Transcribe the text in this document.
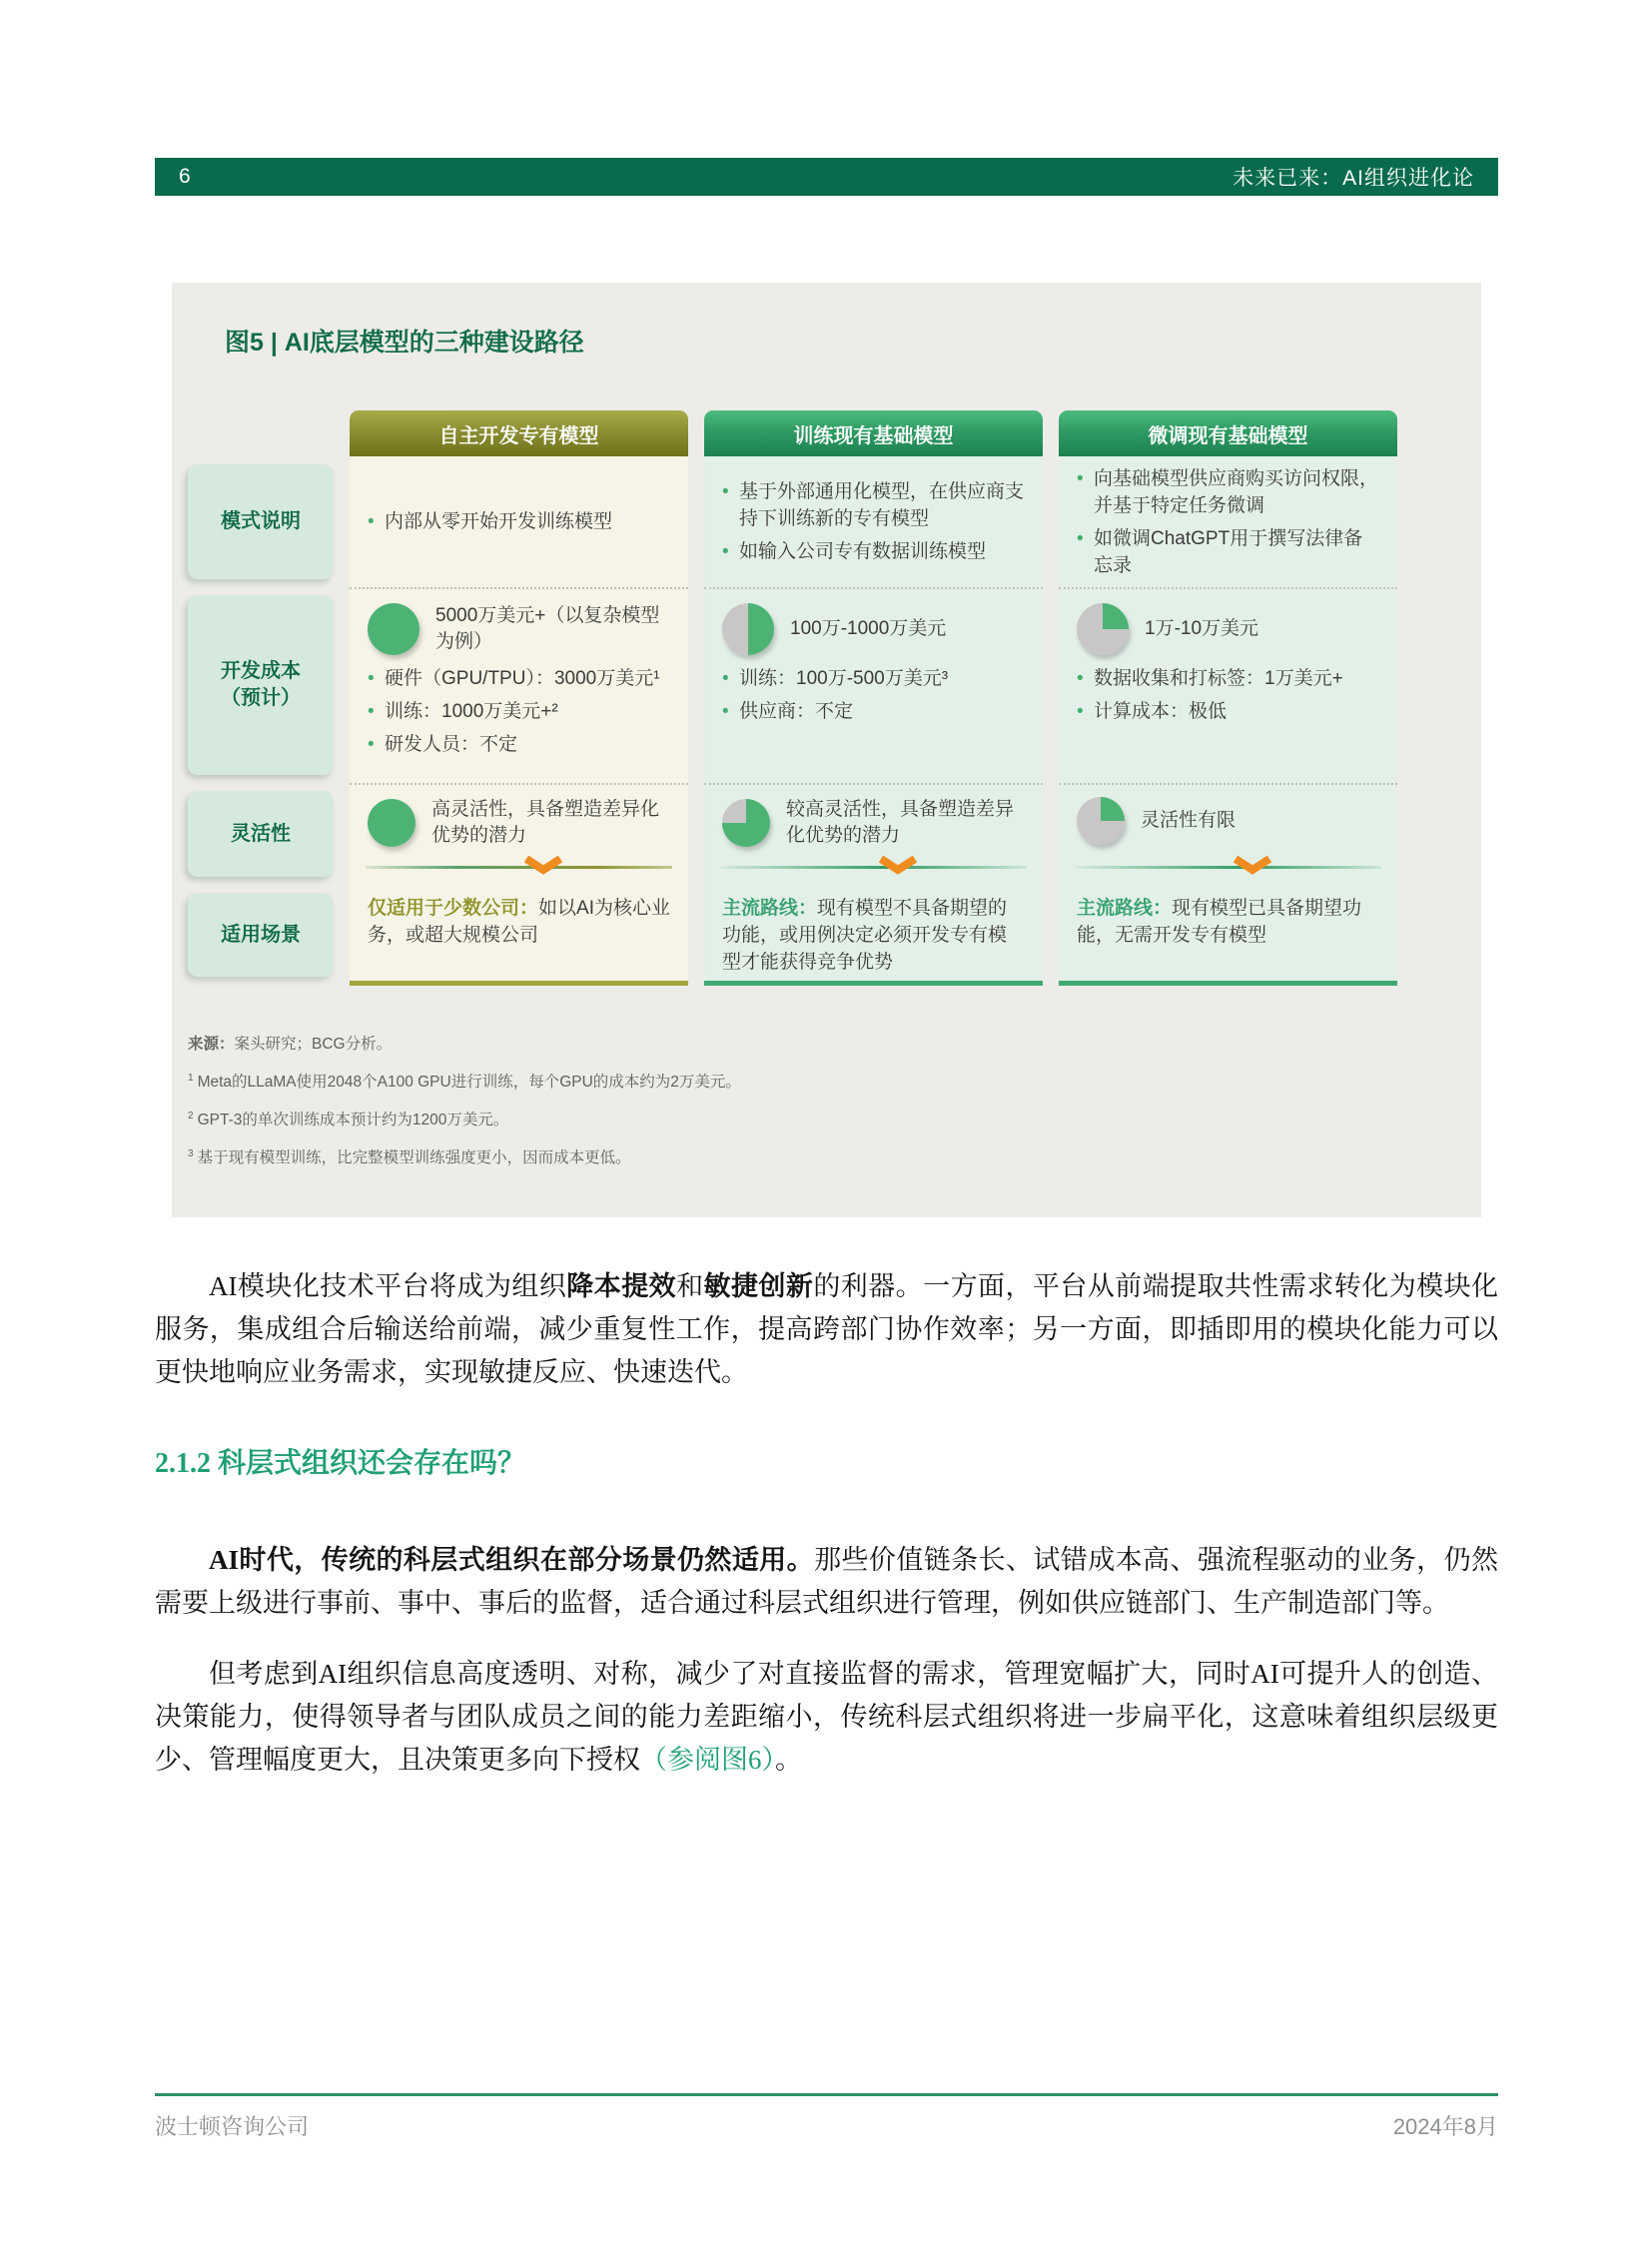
6	未来已来：AI组织进化论
图5 | AI底层模型的三种建设路径
模式说明
开发成本
（预计）
灵活性
适用场景
自主开发专有模型
• 内部从零开始开发训练模型
5000万美元+（以复杂模型为例）
• 硬件（GPU/TPU）：3000万美元¹
• 训练：1000万美元+²
• 研发人员：不定
高灵活性，具备塑造差异化优势的潜力

仅适用于少数公司：如以AI为核心业务，或超大规模公司

训练现有基础模型
• 基于外部通用化模型，在供应商支持下训练新的专有模型
• 如输入公司专有数据训练模型
100万-1000万美元
• 训练：100万-500万美元³
• 供应商：不定
较高灵活性，具备塑造差异化优势的潜力

主流路线：现有模型不具备期望的功能，或用例决定必须开发专有模型才能获得竞争优势

微调现有基础模型
• 向基础模型供应商购买访问权限，并基于特定任务微调
• 如微调ChatGPT用于撰写法律备忘录
1万-10万美元
• 数据收集和打标签：1万美元+
• 计算成本：极低
灵活性有限

主流路线：现有模型已具备期望功能，无需开发专有模型

来源：案头研究；BCG分析。

$^1$ Meta的LLaMA使用2048个A100 GPU进行训练，每个GPU的成本约为2万美元。

$^2$ GPT-3的单次训练成本预计约为1200万美元。

$^3$ 基于现有模型训练，比完整模型训练强度更小，因而成本更低。

AI模块化技术平台将成为组织降本提效和敏捷创新的利器。一方面，平台从前端提取共性需求转化为模块化服务，集成组合后输送给前端，减少重复性工作，提高跨部门协作效率；另一方面，即插即用的模块化能力可以更快地响应业务需求，实现敏捷反应、快速迭代。

2.1.2 科层式组织还会存在吗？

AI时代，传统的科层式组织在部分场景仍然适用。那些价值链条长、试错成本高、强流程驱动的业务，仍然需要上级进行事前、事中、事后的监督，适合通过科层式组织进行管理，例如供应链部门、生产制造部门等。

但考虑到AI组织信息高度透明、对称，减少了对直接监督的需求，管理宽幅扩大，同时AI可提升人的创造、决策能力，使得领导者与团队成员之间的能力差距缩小，传统科层式组织将进一步扁平化，这意味着组织层级更少、管理幅度更大，且决策更多向下授权（参阅图6）。

波士顿咨询公司	2024年8月
